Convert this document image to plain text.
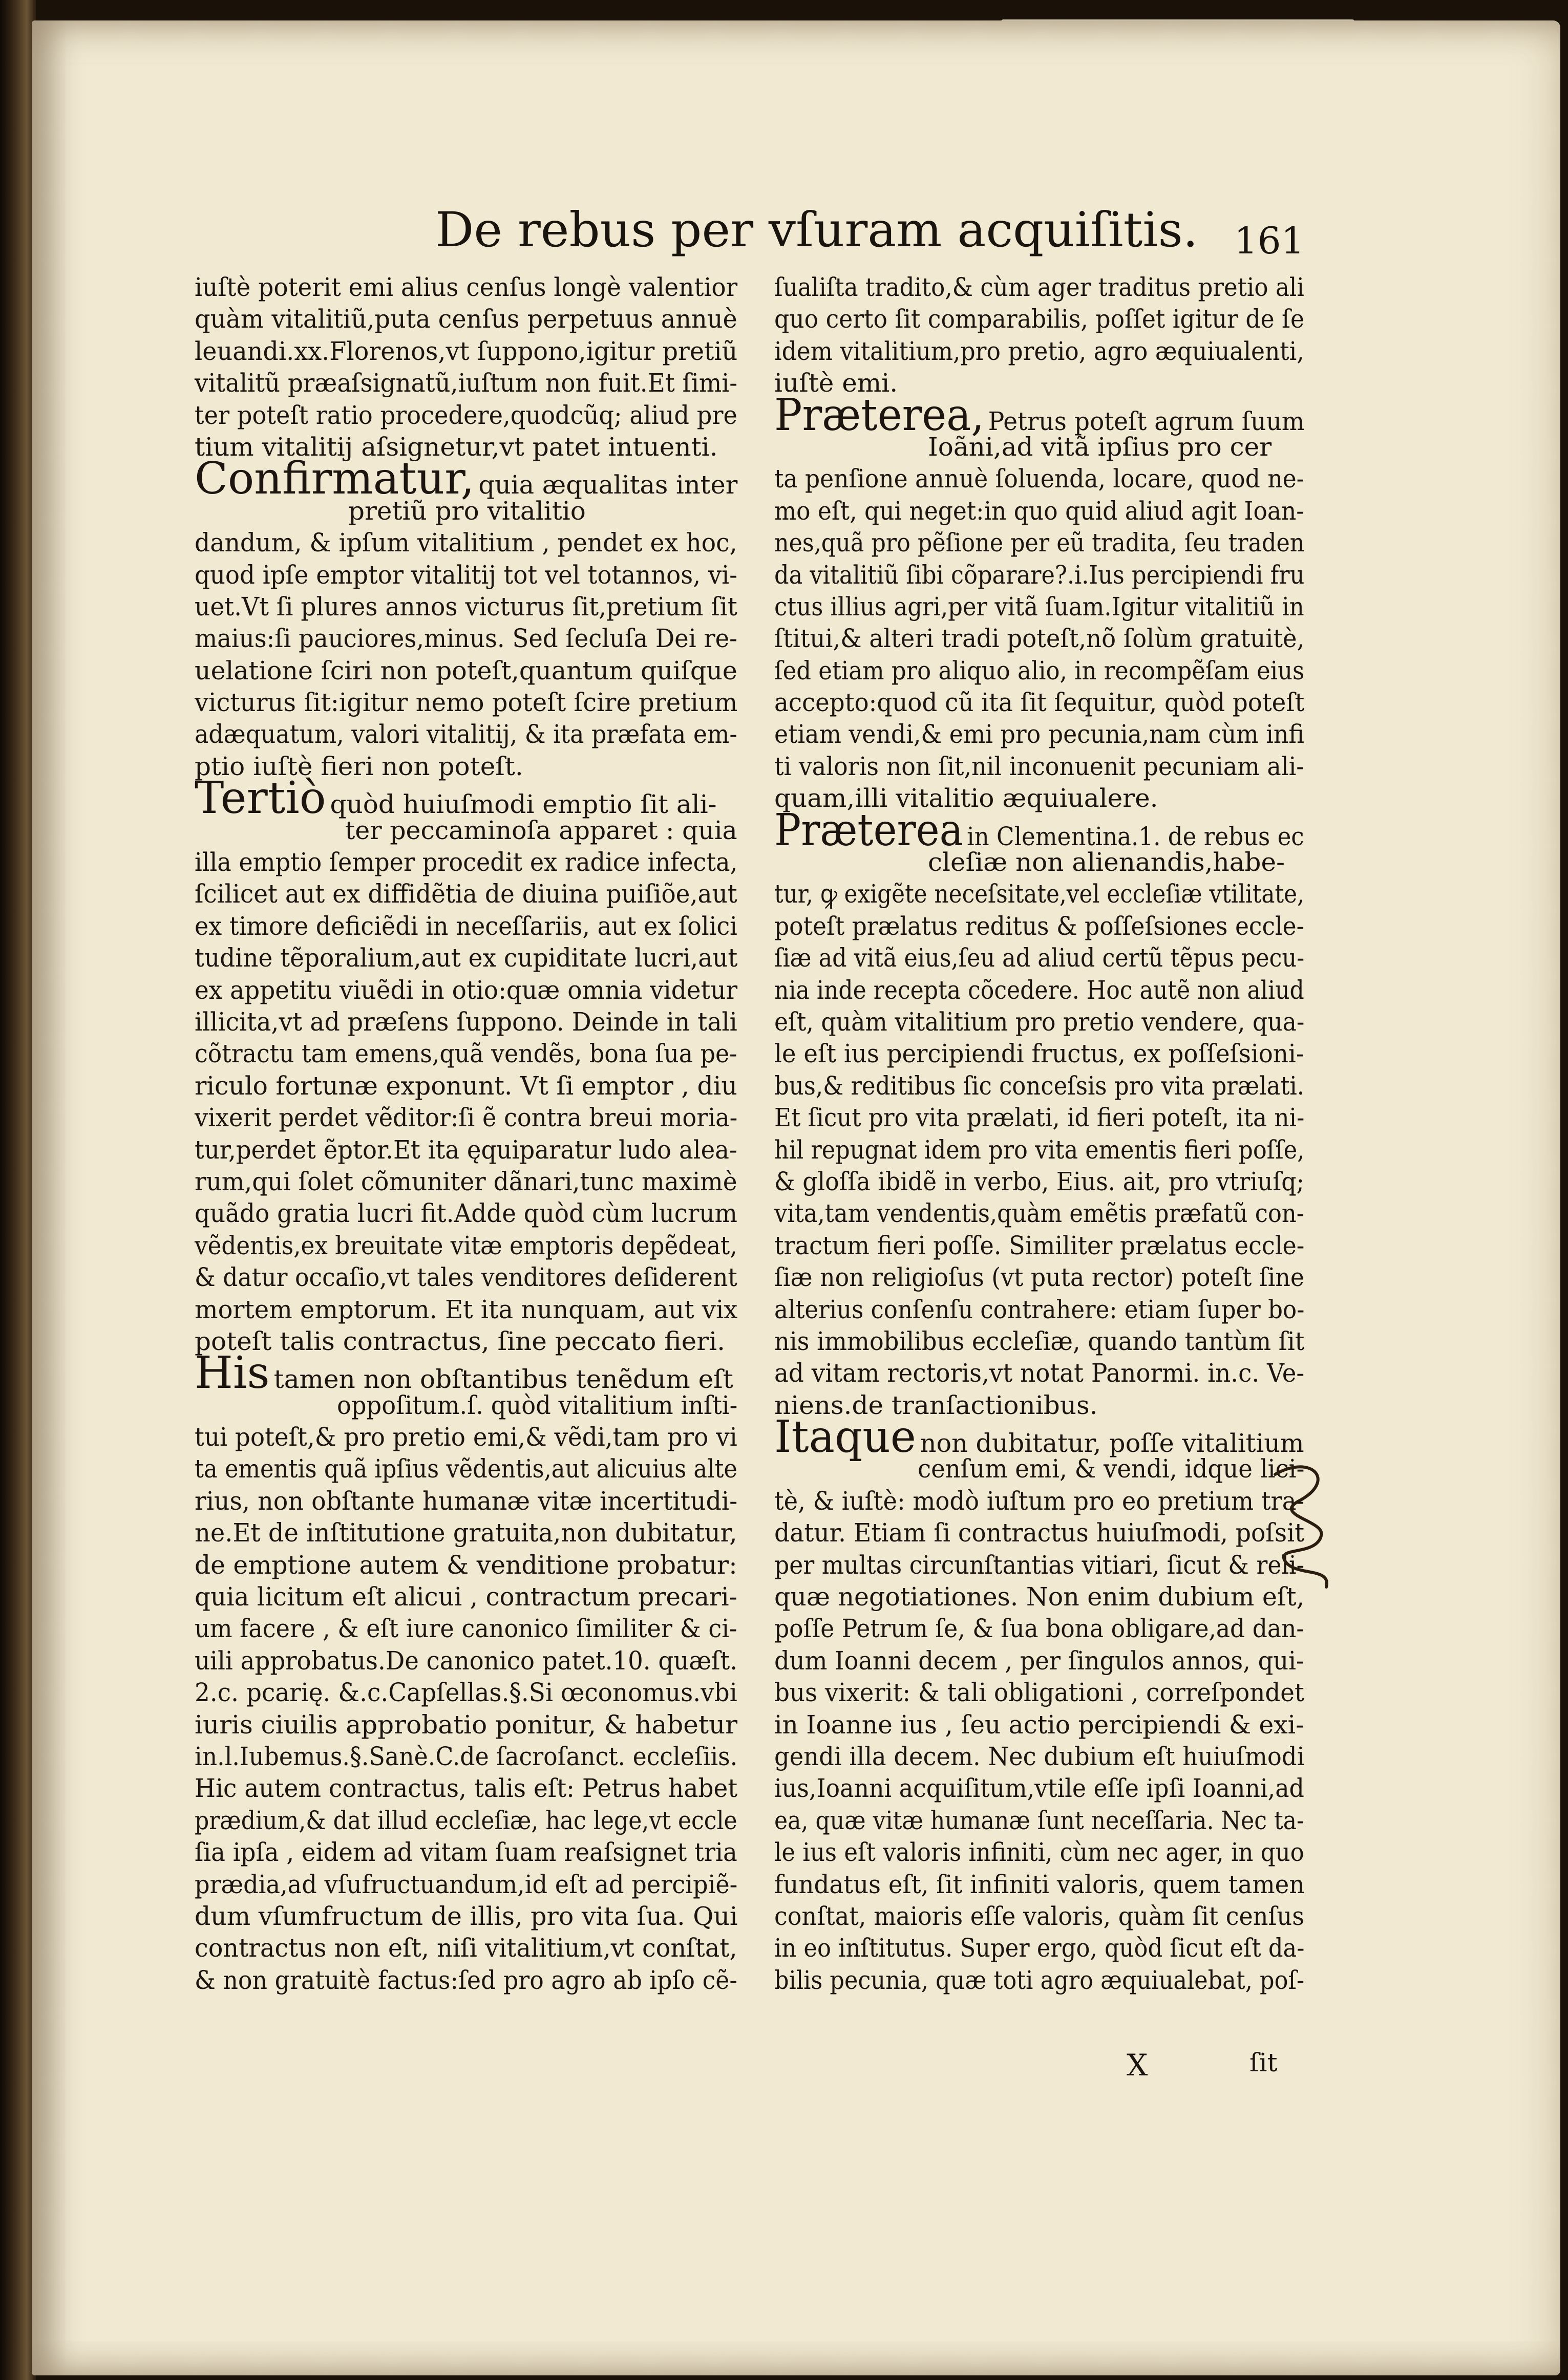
De rebus per vſuram acquiſitis. 161
iuſtè poterit emi alius cenſus longè valentior
quàm vitalitiũ,puta cenſus perpetuus annuè
leuandi.xx.Florenos,vt ſuppono,igitur pretiũ
vitalitũ præaſsignatũ,iuſtum non fuit.Et ſimi-
ter poteſt ratio procedere,quodcũq; aliud pre
tium vitalitij aſsignetur,vt patet intuenti.
Confirmatur, quia æqualitas inter
pretiũ pro vitalitio
dandum, & ipſum vitalitium , pendet ex hoc,
quod ipſe emptor vitalitij tot vel totannos, vi-
uet.Vt ſi plures annos victurus ſit,pretium ſit
maius:ſi pauciores,minus. Sed ſecluſa Dei re-
uelatione ſciri non poteſt,quantum quiſque
victurus ſit:igitur nemo poteſt ſcire pretium
adæquatum, valori vitalitij, & ita præfata em-
ptio iuſtè fieri non poteſt.
Tertiò quòd huiuſmodi emptio ſit ali-
ter peccaminoſa apparet : quia
illa emptio ſemper procedit ex radice infecta,
ſcilicet aut ex diffidẽtia de diuina puiſiõe,aut
ex timore deficiẽdi in neceſſariis, aut ex ſolici
tudine tẽporalium,aut ex cupiditate lucri,aut
ex appetitu viuẽdi in otio:quæ omnia videtur
illicita,vt ad præſens ſuppono. Deinde in tali
cõtractu tam emens,quã vendẽs, bona ſua pe-
riculo fortunæ exponunt. Vt ſi emptor , diu
vixerit perdet vẽditor:ſi ẽ contra breui moria-
tur,perdet ẽptor.Et ita ęquiparatur ludo alea-
rum,qui ſolet cõmuniter dãnari,tunc maximè
quãdo gratia lucri fit.Adde quòd cùm lucrum
vẽdentis,ex breuitate vitæ emptoris depẽdeat,
& datur occaſio,vt tales venditores deſiderent
mortem emptorum. Et ita nunquam, aut vix
poteſt talis contractus, ſine peccato fieri.
His tamen non obſtantibus tenẽdum eſt
oppoſitum.ſ. quòd vitalitium inſti-
tui poteſt,& pro pretio emi,& vẽdi,tam pro vi
ta ementis quã ipſius vẽdentis,aut alicuius alte
rius, non obſtante humanæ vitæ incertitudi-
ne.Et de inſtitutione gratuita,non dubitatur,
de emptione autem & venditione probatur:
quia licitum eſt alicui , contractum precari-
um facere , & eſt iure canonico ſimiliter & ci-
uili approbatus.De canonico patet.10. quæſt.
2.c. pcarię. &.c.Capſellas.§.Si œconomus.vbi
iuris ciuilis approbatio ponitur, & habetur
in.l.Iubemus.§.Sanè.C.de ſacroſanct. eccleſiis.
Hic autem contractus, talis eſt: Petrus habet
prædium,& dat illud eccleſiæ, hac lege,vt eccle
ſia ipſa , eidem ad vitam ſuam reaſsignet tria
prædia,ad vſufructuandum,id eſt ad percipiẽ-
dum vſumfructum de illis, pro vita ſua. Qui
contractus non eſt, niſi vitalitium,vt conſtat,
& non gratuitè factus:ſed pro agro ab ipſo cẽ-
ſualiſta tradito,& cùm ager traditus pretio ali
quo certo ſit comparabilis, poſſet igitur de ſe
idem vitalitium,pro pretio, agro æquiualenti,
iuſtè emi.
Præterea, Petrus poteſt agrum ſuum
Ioãni,ad vitã ipſius pro cer
ta penſione annuè ſoluenda, locare, quod ne-
mo eſt, qui neget:in quo quid aliud agit Ioan-
nes,quã pro pẽſione per eũ tradita, ſeu traden
da vitalitiũ ſibi cõparare?.i.Ius percipiendi fru
ctus illius agri,per vitã ſuam.Igitur vitalitiũ in
ſtitui,& alteri tradi poteſt,nõ ſolùm gratuitè,
ſed etiam pro aliquo alio, in recompẽſam eius
accepto:quod cũ ita ſit ſequitur, quòd poteſt
etiam vendi,& emi pro pecunia,nam cùm infi
ti valoris non ſit,nil inconuenit pecuniam ali-
quam,illi vitalitio æquiualere.
Præterea in Clementina.1. de rebus ec
cleſiæ non alienandis,habe-
tur, ꝙ exigẽte neceſsitate,vel eccleſiæ vtilitate,
poteſt prælatus reditus & poſſeſsiones eccle-
ſiæ ad vitã eius,ſeu ad aliud certũ tẽpus pecu-
nia inde recepta cõcedere. Hoc autẽ non aliud
eſt, quàm vitalitium pro pretio vendere, qua-
le eſt ius percipiendi fructus, ex poſſeſsioni-
bus,& reditibus ſic conceſsis pro vita prælati.
Et ſicut pro vita prælati, id fieri poteſt, ita ni-
hil repugnat idem pro vita ementis fieri poſſe,
& gloſſa ibidẽ in verbo, Eius. ait, pro vtriuſq;
vita,tam vendentis,quàm emẽtis præfatũ con-
tractum fieri poſſe. Similiter prælatus eccle-
ſiæ non religioſus (vt puta rector) poteſt ſine
alterius conſenſu contrahere: etiam ſuper bo-
nis immobilibus eccleſiæ, quando tantùm ſit
ad vitam rectoris,vt notat Panormi. in.c. Ve-
niens.de tranſactionibus.
Itaque non dubitatur, poſſe vitalitium
cenſum emi, & vendi, idque lici-
tè, & iuſtè: modò iuſtum pro eo pretium tra-
datur. Etiam ſi contractus huiuſmodi, poſsit
per multas circunſtantias vitiari, ſicut & reli-
quæ negotiationes. Non enim dubium eſt,
poſſe Petrum ſe, & ſua bona obligare,ad dan-
dum Ioanni decem , per ſingulos annos, qui-
bus vixerit: & tali obligationi , correſpondet
in Ioanne ius , ſeu actio percipiendi & exi-
gendi illa decem. Nec dubium eſt huiuſmodi
ius,Ioanni acquiſitum,vtile eſſe ipſi Ioanni,ad
ea, quæ vitæ humanæ ſunt neceſſaria. Nec ta-
le ius eſt valoris infiniti, cùm nec ager, in quo
fundatus eſt, ſit infiniti valoris, quem tamen
conſtat, maioris eſſe valoris, quàm ſit cenſus
in eo inſtitutus. Super ergo, quòd ſicut eſt da-
bilis pecunia, quæ toti agro æquiualebat, poſ-
X	ſit
